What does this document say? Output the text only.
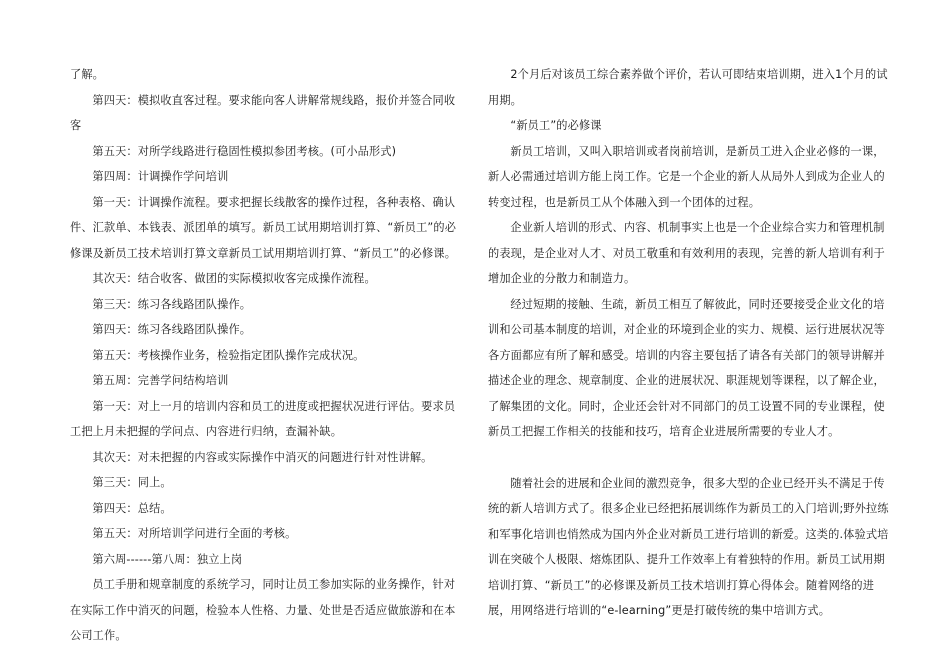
了解。

第四天：模拟收直客过程。要求能向客人讲解常规线路，报价并签合同收客

第五天：对所学线路进行稳固性模拟参团考核。(可小品形式)

第四周：计调操作学问培训

第一天：计调操作流程。要求把握长线散客的操作过程，各种表格、确认件、汇款单、本钱表、派团单的填写。新员工试用期培训打算、“新员工”的必修课及新员工技术培训打算文章新员工试用期培训打算、“新员工”的必修课。

其次天：结合收客、做团的实际模拟收客完成操作流程。

第三天：练习各线路团队操作。

第四天：练习各线路团队操作。

第五天：考核操作业务，检验指定团队操作完成状况。

第五周：完善学问结构培训

第一天：对上一月的培训内容和员工的进度或把握状况进行评估。要求员工把上月未把握的学问点、内容进行归纳，查漏补缺。

其次天：对未把握的内容或实际操作中消灭的问题进行针对性讲解。

第三天：同上。

第四天：总结。

第五天：对所培训学问进行全面的考核。

第六周------第八周：独立上岗

员工手册和规章制度的系统学习，同时让员工参加实际的业务操作，针对在实际工作中消灭的问题，检验本人性格、力量、处世是否适应做旅游和在本公司工作。

2个月后对该员工综合素养做个评价，若认可即结束培训期，进入1个月的试用期。

“新员工”的必修课

新员工培训，又叫入职培训或者岗前培训，是新员工进入企业必修的一课，新人必需通过培训方能上岗工作。它是一个企业的新人从局外人到成为企业人的转变过程，也是新员工从个体融入到一个团体的过程。

企业新人培训的形式、内容、机制事实上也是一个企业综合实力和管理机制的表现，是企业对人才、对员工敬重和有效利用的表现，完善的新人培训有利于增加企业的分散力和制造力。

经过短期的接触、生疏，新员工相互了解彼此，同时还要接受企业文化的培训和公司基本制度的培训，对企业的环境到企业的实力、规模、运行进展状况等各方面都应有所了解和感受。培训的内容主要包括了请各有关部门的领导讲解并描述企业的理念、规章制度、企业的进展状况、职涯规划等课程，以了解企业，了解集团的文化。同时，企业还会针对不同部门的员工设置不同的专业课程，使新员工把握工作相关的技能和技巧，培育企业进展所需要的专业人才。

随着社会的进展和企业间的激烈竞争，很多大型的企业已经开头不满足于传统的新人培训方式了。很多企业已经把拓展训练作为新员工的入门培训;野外拉练和军事化培训也悄然成为国内外企业对新员工进行培训的新爱。这类的.体验式培训在突破个人极限、熔炼团队、提升工作效率上有着独特的作用。新员工试用期培训打算、“新员工”的必修课及新员工技术培训打算心得体会。随着网络的进展，用网络进行培训的“e-learning”更是打破传统的集中培训方式。
